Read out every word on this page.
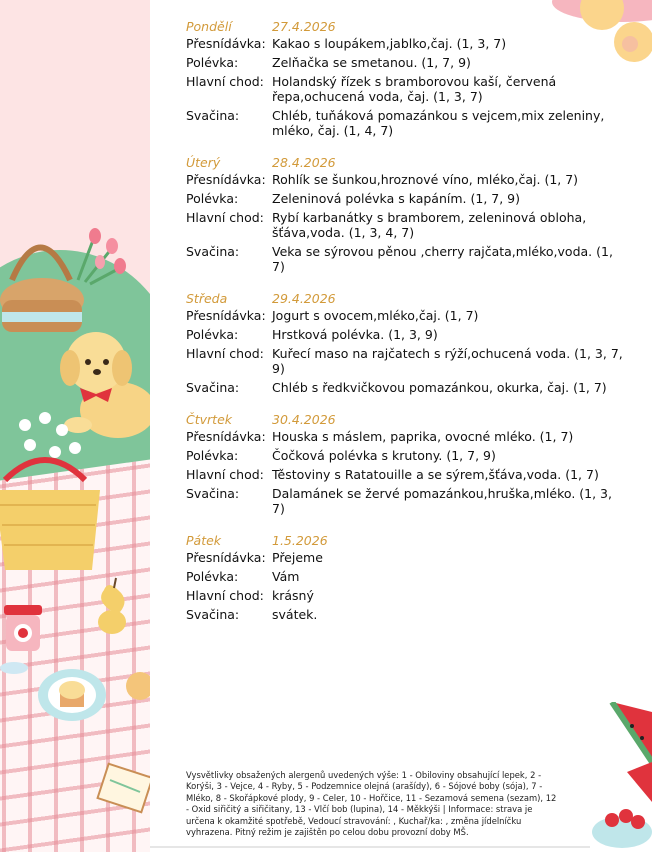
Pondělí	27.4.2026
Přesnídávka: Kakao s loupákem,jablko,čaj. (1, 3, 7)
Polévka:	Zelňačka se smetanou. (1, 7, 9)
Hlavní chod: Holandský řízek s bramborovou kaší, červená řepa,ochucená voda, čaj. (1, 3, 7)
Svačina:	Chléb, tuňáková pomazánkou s vejcem,mix zeleniny, mléko, čaj. (1, 4, 7)
Úterý	28.4.2026
Přesnídávka: Rohlík se šunkou,hroznové víno, mléko,čaj. (1, 7)
Polévka:	Zeleninová polévka s kapáním. (1, 7, 9)
Hlavní chod: Rybí karbanátky s bramborem, zeleninová obloha, šťáva,voda. (1, 3, 4, 7)
Svačina:	Veka se sýrovou pěnou ,cherry rajčata,mléko,voda. (1, 7)
Středa	29.4.2026
Přesnídávka: Jogurt s ovocem,mléko,čaj. (1, 7)
Polévka:	Hrstková polévka. (1, 3, 9)
Hlavní chod: Kuřecí maso na rajčatech s rýží,ochucená voda. (1, 3, 7, 9)
Svačina:	Chléb s ředkvičkovou pomazánkou, okurka, čaj. (1, 7)
Čtvrtek	30.4.2026
Přesnídávka: Houska s máslem, paprika, ovocné mléko. (1, 7)
Polévka:	Čočková polévka s krutony. (1, 7, 9)
Hlavní chod: Těstoviny s Ratatouille a se sýrem,šťáva,voda. (1, 7)
Svačina:	Dalamánek se žervé pomazánkou,hruška,mléko. (1, 3, 7)
Pátek	1.5.2026
Přesnídávka: Přejeme
Polévka:	Vám
Hlavní chod: krásný
Svačina:	svátek.
Vysvětlivky obsažených alergenů uvedených výše: 1 - Obiloviny obsahující lepek, 2 - Korýši, 3 - Vejce, 4 - Ryby, 5 - Podzemnice olejná (arašídy), 6 - Sójové boby (sója), 7 - Mléko, 8 - Skořápkové plody, 9 - Celer, 10 - Hořčice, 11 - Sezamová semena (sezam), 12 - Oxid siřičitý a siřičitany, 13 - Vlčí bob (lupina), 14 - Měkkýši | Informace: strava je určena k okamžité spotřebě, Vedoucí stravování: , Kuchař/ka: , změna jídelníčku vyhrazena. Pitný režim je zajištěn po celou dobu provozní doby MŠ.
